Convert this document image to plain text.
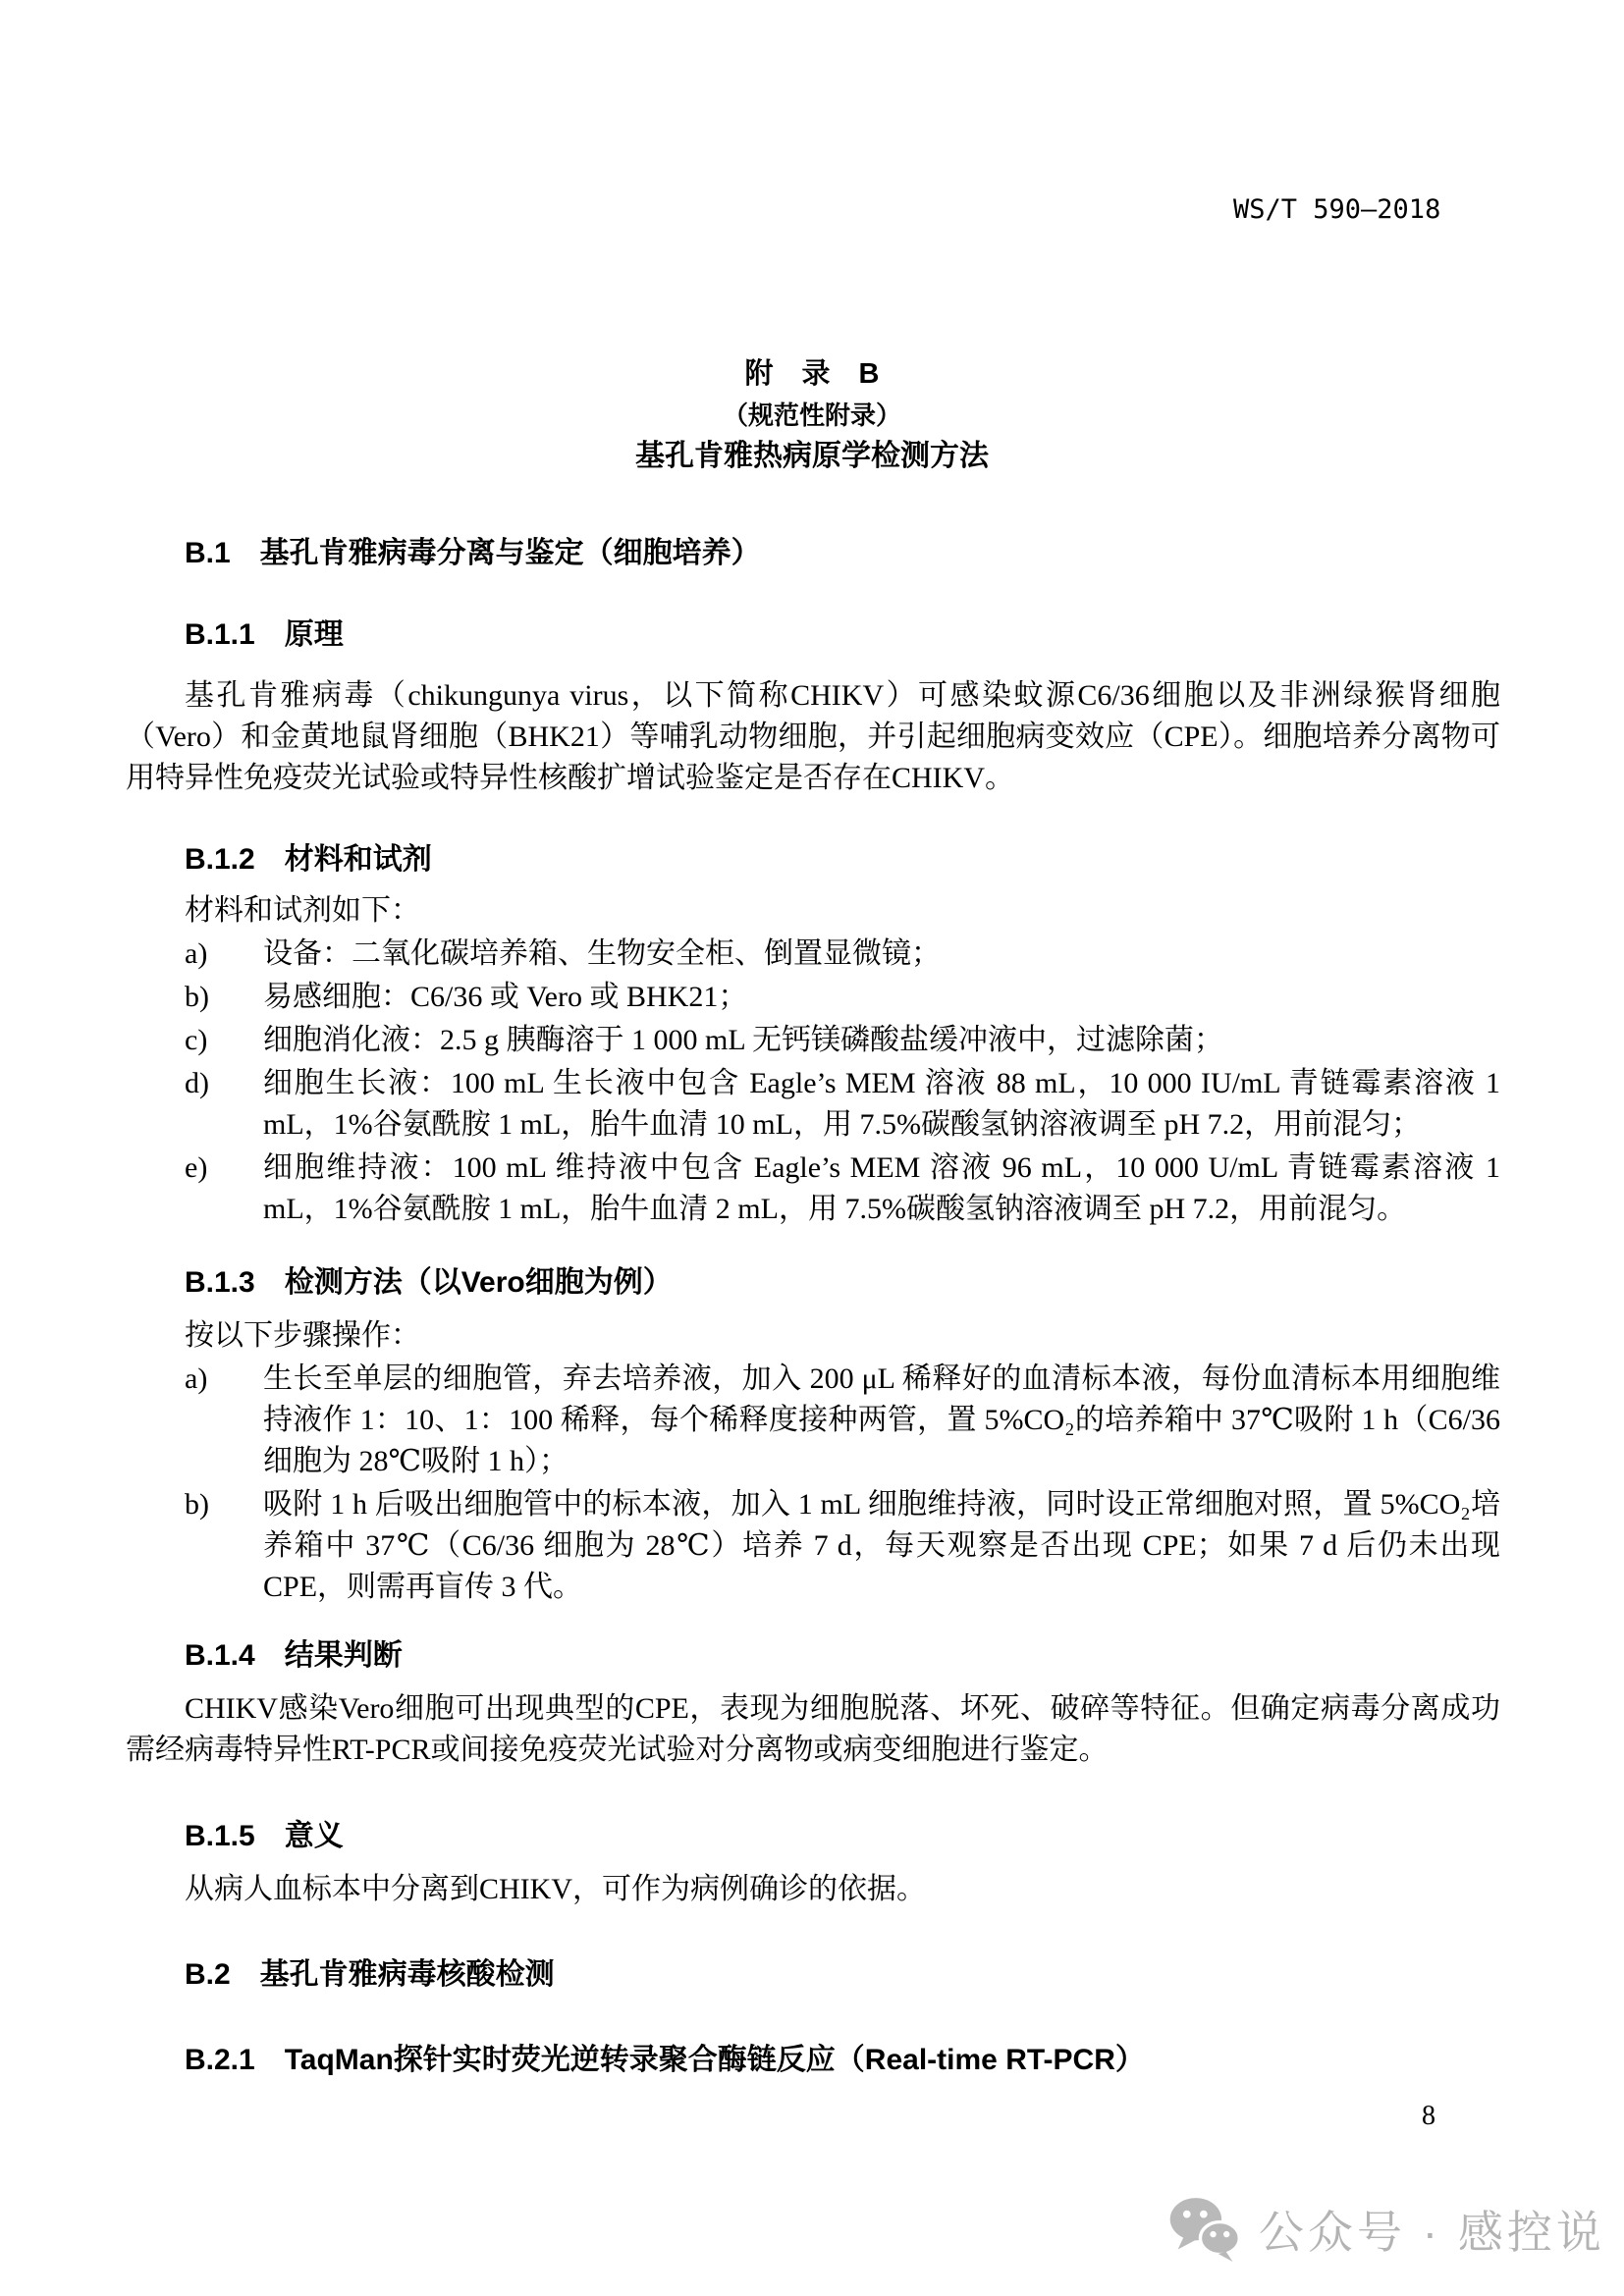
WS/T 590—2018
附　录　B
（规范性附录）
基孔肯雅热病原学检测方法
B.1　基孔肯雅病毒分离与鉴定（细胞培养）
B.1.1　原理
基孔肯雅病毒（chikungunya virus，以下简称CHIKV）可感染蚊源C6/36细胞以及非洲绿猴肾细胞（Vero）和金黄地鼠肾细胞（BHK21）等哺乳动物细胞，并引起细胞病变效应（CPE）。细胞培养分离物可用特异性免疫荧光试验或特异性核酸扩增试验鉴定是否存在CHIKV。
B.1.2　材料和试剂
材料和试剂如下：
a) 设备：二氧化碳培养箱、生物安全柜、倒置显微镜；
b) 易感细胞：C6/36 或 Vero 或 BHK21；
c) 细胞消化液：2.5 g 胰酶溶于 1 000 mL 无钙镁磷酸盐缓冲液中，过滤除菌；
d) 细胞生长液：100 mL 生长液中包含 Eagle’s MEM 溶液 88 mL，10 000 IU/mL 青链霉素溶液 1 mL，1%谷氨酰胺 1 mL，胎牛血清 10 mL，用 7.5%碳酸氢钠溶液调至 pH 7.2，用前混匀；
e) 细胞维持液：100 mL 维持液中包含 Eagle’s MEM 溶液 96 mL，10 000 U/mL 青链霉素溶液 1 mL，1%谷氨酰胺 1 mL，胎牛血清 2 mL，用 7.5%碳酸氢钠溶液调至 pH 7.2，用前混匀。
B.1.3　检测方法（以Vero细胞为例）
按以下步骤操作：
a) 生长至单层的细胞管，弃去培养液，加入 200 μL 稀释好的血清标本液，每份血清标本用细胞维持液作 1：10、1：100 稀释，每个稀释度接种两管，置 5%CO₂的培养箱中 37℃吸附 1 h（C6/36 细胞为 28℃吸附 1 h）；
b) 吸附 1 h 后吸出细胞管中的标本液，加入 1 mL 细胞维持液，同时设正常细胞对照，置 5%CO₂培养箱中 37℃（C6/36 细胞为 28℃）培养 7 d，每天观察是否出现 CPE；如果 7 d 后仍未出现 CPE，则需再盲传 3 代。
B.1.4　结果判断
CHIKV感染Vero细胞可出现典型的CPE，表现为细胞脱落、坏死、破碎等特征。但确定病毒分离成功需经病毒特异性RT-PCR或间接免疫荧光试验对分离物或病变细胞进行鉴定。
B.1.5　意义
从病人血标本中分离到CHIKV，可作为病例确诊的依据。
B.2　基孔肯雅病毒核酸检测
B.2.1　TaqMan探针实时荧光逆转录聚合酶链反应（Real-time RT-PCR）
8
公众号 · 感控说
